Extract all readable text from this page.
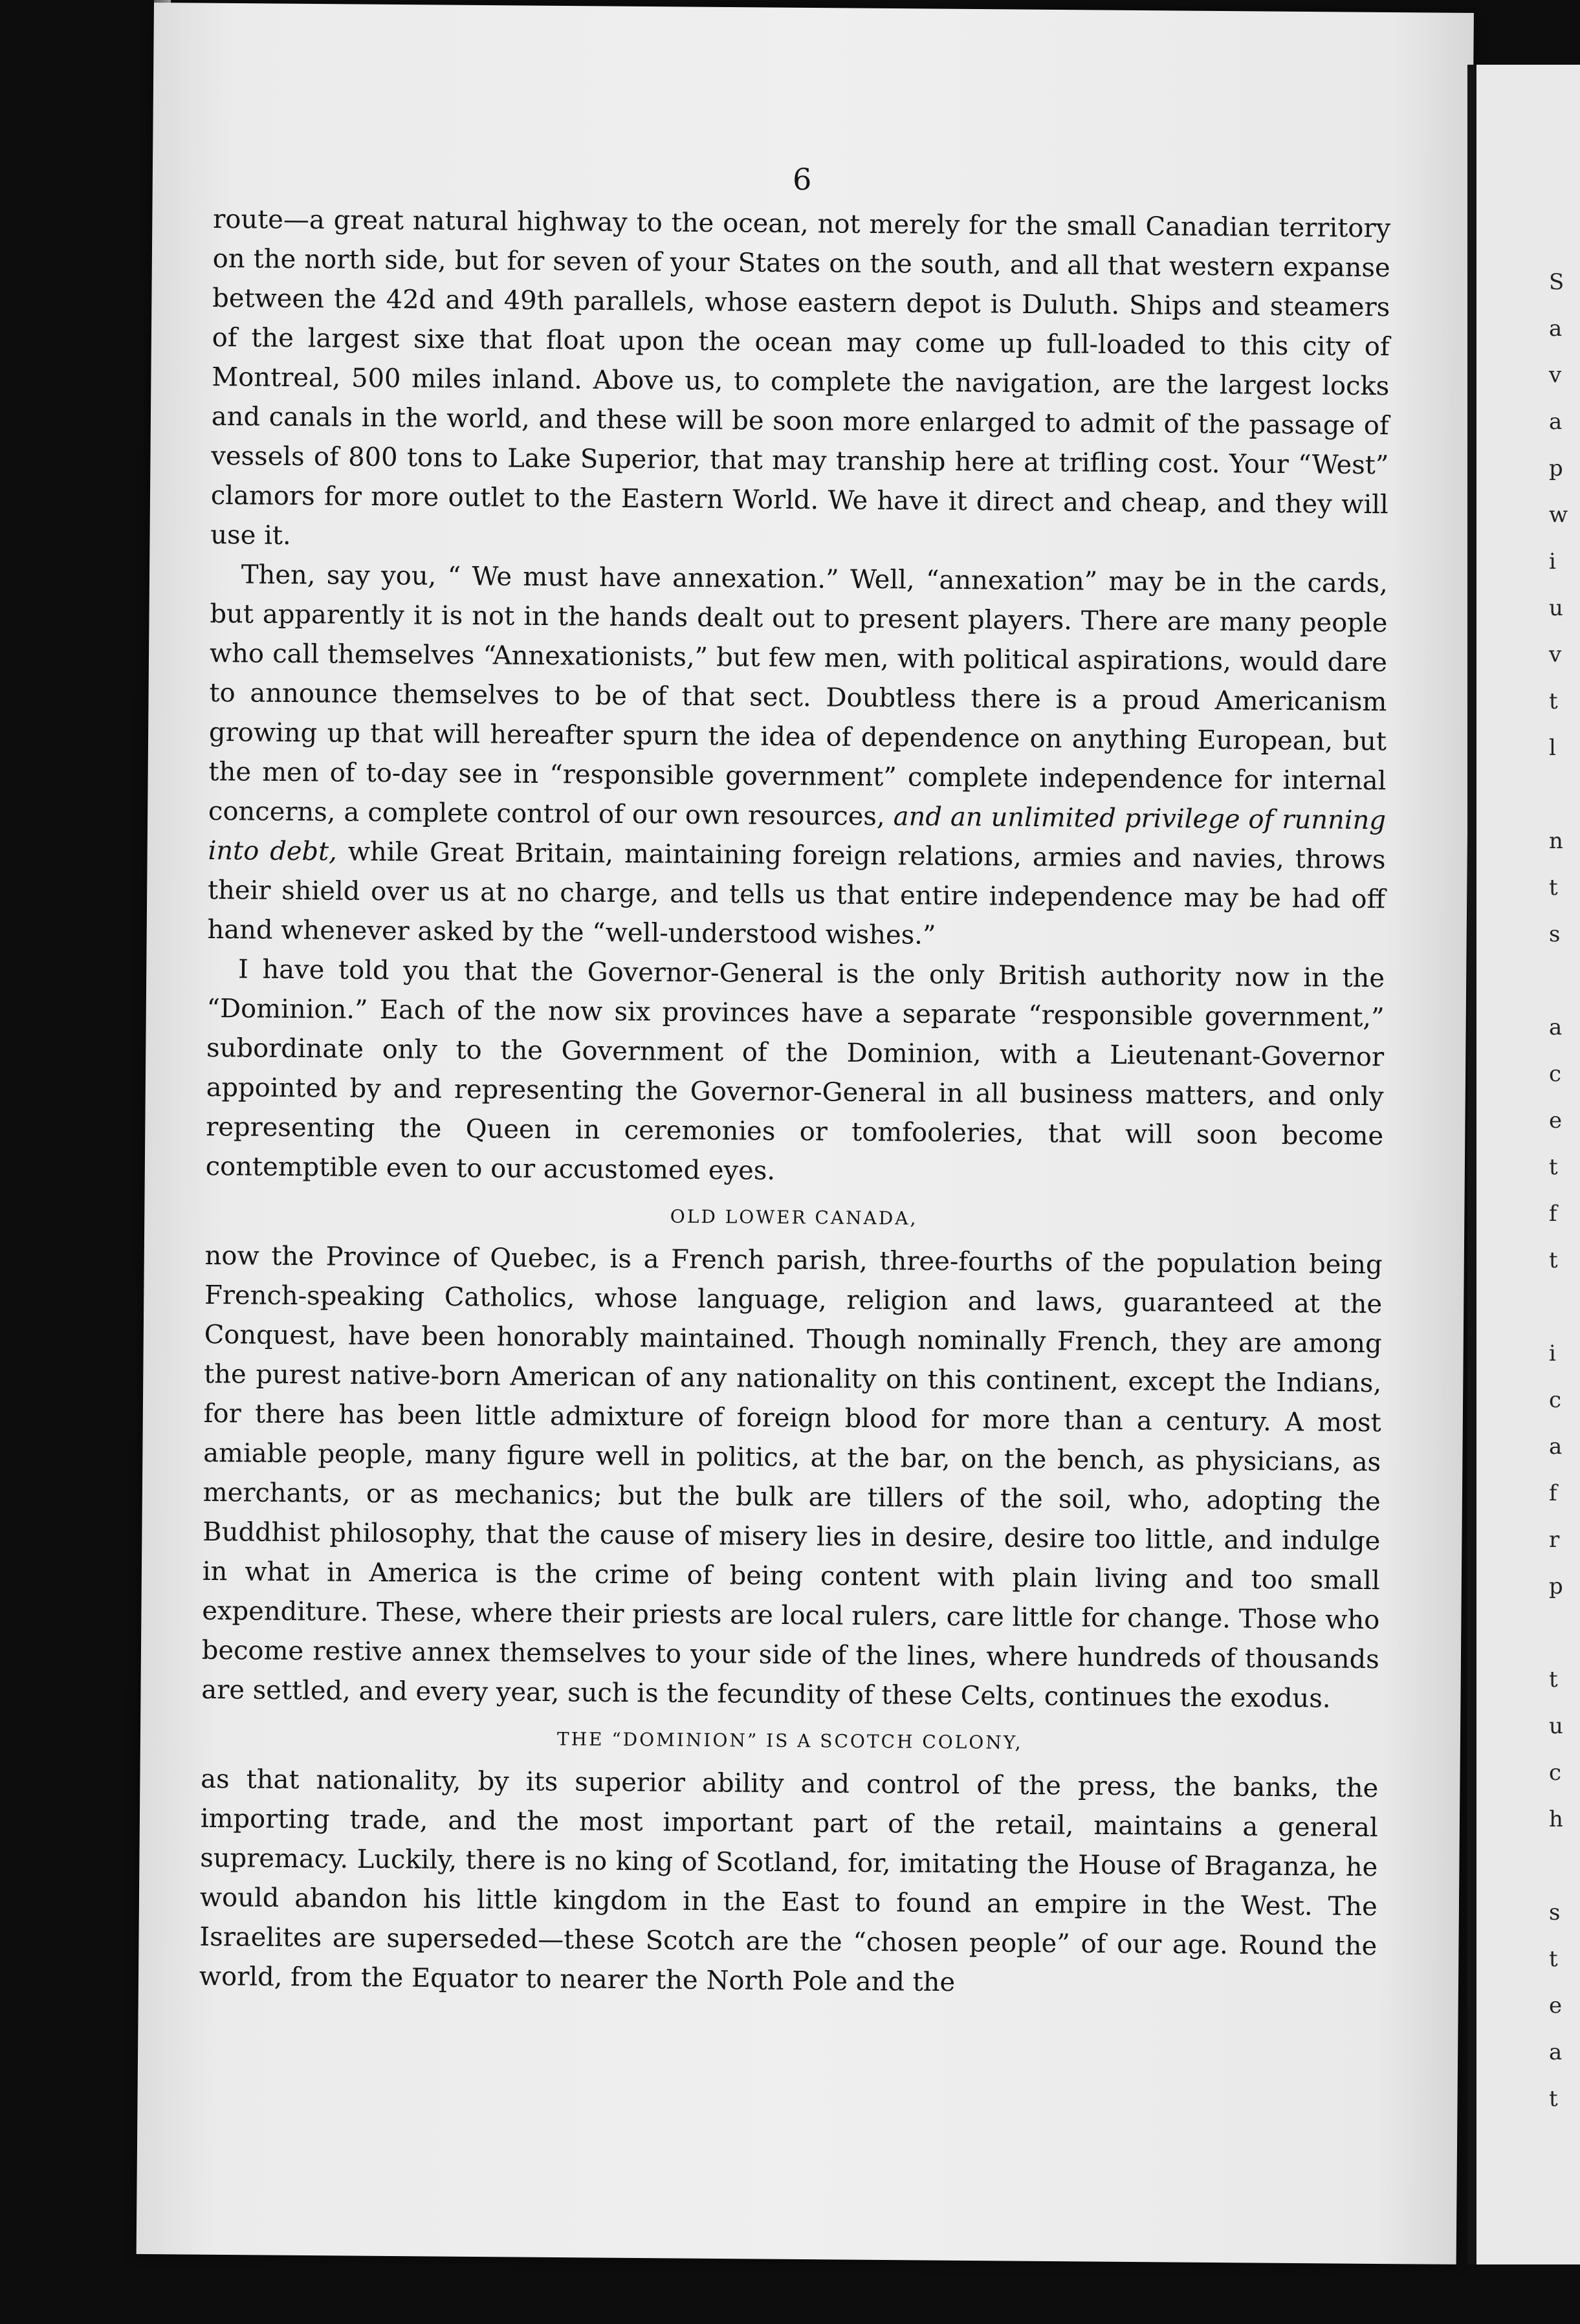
S
a
v
a
p
w
i
u
v
t
l

n
t
s

a
c
e
t
f
t

i
c
a
f
r
p

t
u
c
h

s
t
e
a
t
6

route—a great natural highway to the ocean, not merely for the small Canadian territory on the north side, but for seven of your States on the south, and all that western expanse between the 42d and 49th parallels, whose eastern depot is Duluth. Ships and steamers of the largest sixe that float upon the ocean may come up full-loaded to this city of Montreal, 500 miles inland. Above us, to complete the navigation, are the largest locks and canals in the world, and these will be soon more enlarged to admit of the passage of vessels of 800 tons to Lake Superior, that may tranship here at trifling cost. Your “West” clamors for more outlet to the Eastern World. We have it direct and cheap, and they will use it.

Then, say you, “ We must have annexation.” Well, “annexation” may be in the cards, but apparently it is not in the hands dealt out to present players. There are many people who call themselves “Annexationists,” but few men, with political aspirations, would dare to announce themselves to be of that sect. Doubtless there is a proud Americanism growing up that will hereafter spurn the idea of dependence on anything European, but the men of to-day see in “responsible government” complete independence for internal concerns, a complete control of our own resources, and an unlimited privilege of running into debt, while Great Britain, maintaining foreign relations, armies and navies, throws their shield over us at no charge, and tells us that entire independence may be had off hand whenever asked by the “well-understood wishes.”

I have told you that the Governor-General is the only British authority now in the “Dominion.” Each of the now six provinces have a separate “responsible government,” subordinate only to the Government of the Dominion, with a Lieutenant-Governor appointed by and representing the Governor-General in all business matters, and only representing the Queen in ceremonies or tomfooleries, that will soon become contemptible even to our accustomed eyes.

OLD LOWER CANADA,

now the Province of Quebec, is a French parish, three-fourths of the population being French-speaking Catholics, whose language, religion and laws, guaranteed at the Conquest, have been honorably maintained. Though nominally French, they are among the purest native-born American of any nationality on this continent, except the Indians, for there has been little admixture of foreign blood for more than a century. A most amiable people, many figure well in politics, at the bar, on the bench, as physicians, as merchants, or as mechanics; but the bulk are tillers of the soil, who, adopting the Buddhist philosophy, that the cause of misery lies in desire, desire too little, and indulge in what in America is the crime of being content with plain living and too small expenditure. These, where their priests are local rulers, care little for change. Those who become restive annex themselves to your side of the lines, where hundreds of thousands are settled, and every year, such is the fecundity of these Celts, continues the exodus.

THE “DOMINION” IS A SCOTCH COLONY,

as that nationality, by its superior ability and control of the press, the banks, the importing trade, and the most important part of the retail, maintains a general supremacy. Luckily, there is no king of Scotland, for, imitating the House of Braganza, he would abandon his little kingdom in the East to found an empire in the West. The Israelites are superseded—these Scotch are the “chosen people” of our age. Round the world, from the Equator to nearer the North Pole and the
